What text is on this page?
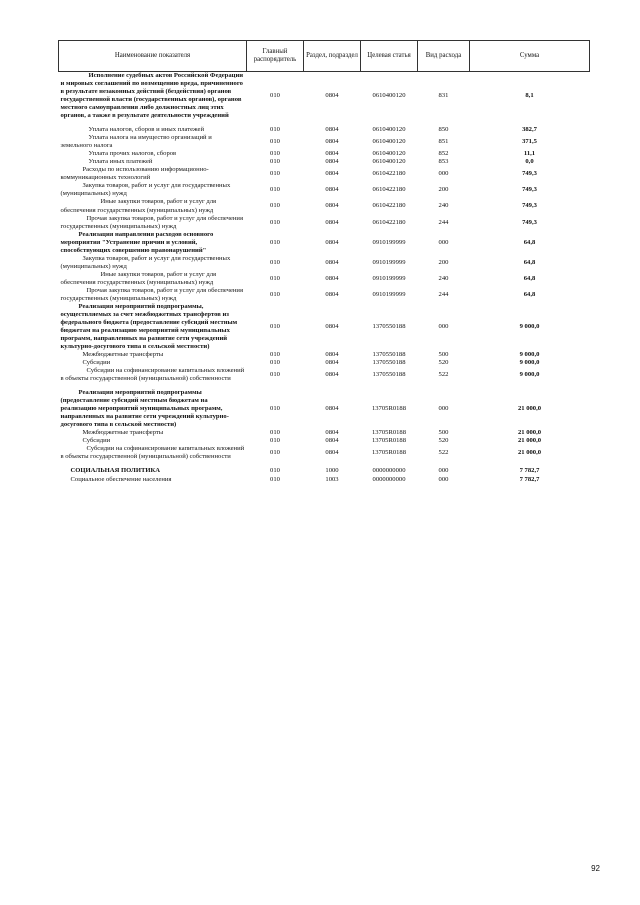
Наименование показателя	Главный распорядитель	Раздел, подраздел	Целевая статья	Вид расхода	Сумма
Исполнение судебных актов Российской Федерации и мировых соглашений по возмещению вреда, причиненного в результате незаконных действий (бездействия) органов государственной власти (государственных органов), органов местного самоуправления либо должностных лиц этих органов, а также в результате деятельности учреждений	010	0804	0610400120	831	8,1

Уплата налогов, сборов и иных платежей	010	0804	0610400120	850	382,7
Уплата налога на имущество организаций и земельного налога	010	0804	0610400120	851	371,5
Уплата прочих налогов, сборов	010	0804	0610400120	852	11,1
Уплата иных платежей	010	0804	0610400120	853	0,0
Расходы по использованию информационно-коммуникационных технологий	010	0804	0610422180	000	749,3
Закупка товаров, работ и услуг для государственных (муниципальных) нужд	010	0804	0610422180	200	749,3
Иные закупки товаров, работ и услуг для обеспечения государственных (муниципальных) нужд	010	0804	0610422180	240	749,3
Прочая закупка товаров, работ и услуг для обеспечения государственных (муниципальных) нужд	010	0804	0610422180	244	749,3
Реализация направления расходов основного мероприятия "Устранение причин и условий, способствующих совершению правонарушений"	010	0804	0910199999	000	64,8
Закупка товаров, работ и услуг для государственных (муниципальных) нужд	010	0804	0910199999	200	64,8
Иные закупки товаров, работ и услуг для обеспечения государственных (муниципальных) нужд	010	0804	0910199999	240	64,8
Прочая закупка товаров, работ и услуг для обеспечения государственных (муниципальных) нужд	010	0804	0910199999	244	64,8
Реализация мероприятий подпрограммы, осуществляемых за счет межбюджетных трансфертов из федерального бюджета (предоставление субсидий местным бюджетам на реализацию мероприятий муниципальных программ, направленных на развитие сети учреждений культурно-досугового типа в сельской местности)	010	0804	1370550188	000	9 000,0
Межбюджетные трансферты	010	0804	1370550188	500	9 000,0
Субсидии	010	0804	1370550188	520	9 000,0
Субсидии на софинансирование капитальных вложений в объекты государственной (муниципальной) собственности	010	0804	1370550188	522	9 000,0

Реализация мероприятий подпрограммы (предоставление субсидий местным бюджетам на реализацию мероприятий муниципальных программ, направленных на развитие сети учреждений культурно-досугового типа в сельской местности)	010	0804	13705R0188	000	21 000,0
Межбюджетные трансферты	010	0804	13705R0188	500	21 000,0
Субсидии	010	0804	13705R0188	520	21 000,0
Субсидии на софинансирование капитальных вложений в объекты государственной (муниципальной) собственности	010	0804	13705R0188	522	21 000,0

СОЦИАЛЬНАЯ ПОЛИТИКА	010	1000	0000000000	000	7 782,7
Социальное обеспечение населения	010	1003	0000000000	000	7 782,7
92
